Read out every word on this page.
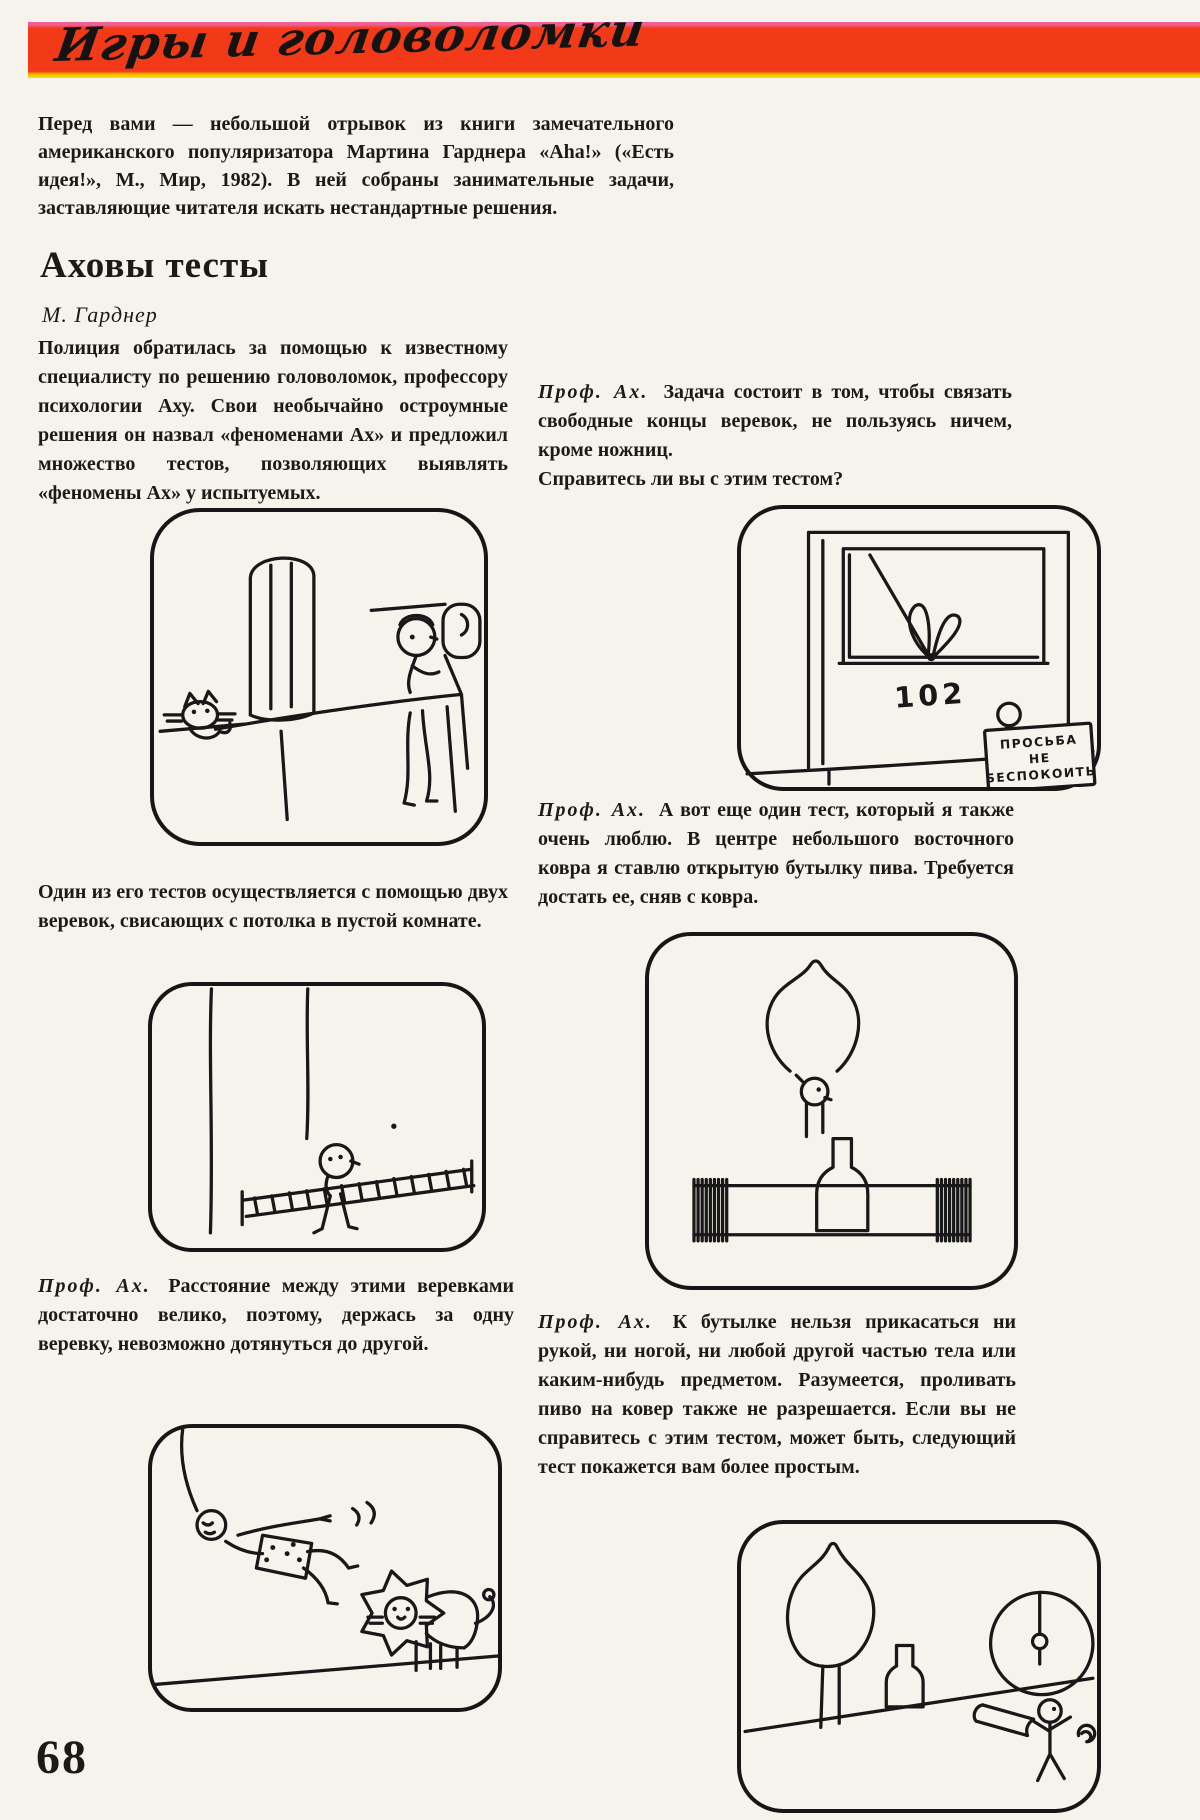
Игры и головоломки
Перед вами — небольшой отрывок из книги замечательного американского популяризатора Мартина Гарднера «Aha!» («Есть идея!», М., Мир, 1982). В ней собраны занимательные задачи, заставляющие читателя искать нестандартные решения.
Аховы тесты
М. Гарднер
Полиция обратилась за помощью к известному специалисту по решению головоломок, профессору психологии Аху. Свои необычайно остроумные решения он назвал «феноменами Ах» и предложил множество тестов, позволяющих выявлять «феномены Ах» у испытуемых.
Один из его тестов осуществляется с помощью двух веревок, свисающих с потолка в пустой комнате.
Проф. Ах. Расстояние между этими веревками достаточно велико, поэтому, держась за одну веревку, невозможно дотянуться до другой.
68
Проф. Ах. Задача состоит в том, чтобы связать свободные концы веревок, не пользуясь ничем, кроме ножниц.
Справитесь ли вы с этим тестом?
102
ПРОСЬБА
НЕ
БЕСПОКОИТЬ
Проф. Ах. А вот еще один тест, который я также очень люблю. В центре небольшого восточного ковра я ставлю открытую бутылку пива. Требуется достать ее, сняв с ковра.
Проф. Ах. К бутылке нельзя прикасаться ни рукой, ни ногой, ни любой другой частью тела или каким-нибудь предметом. Разумеется, проливать пиво на ковер также не разрешается. Если вы не справитесь с этим тестом, может быть, следующий тест покажется вам более простым.
